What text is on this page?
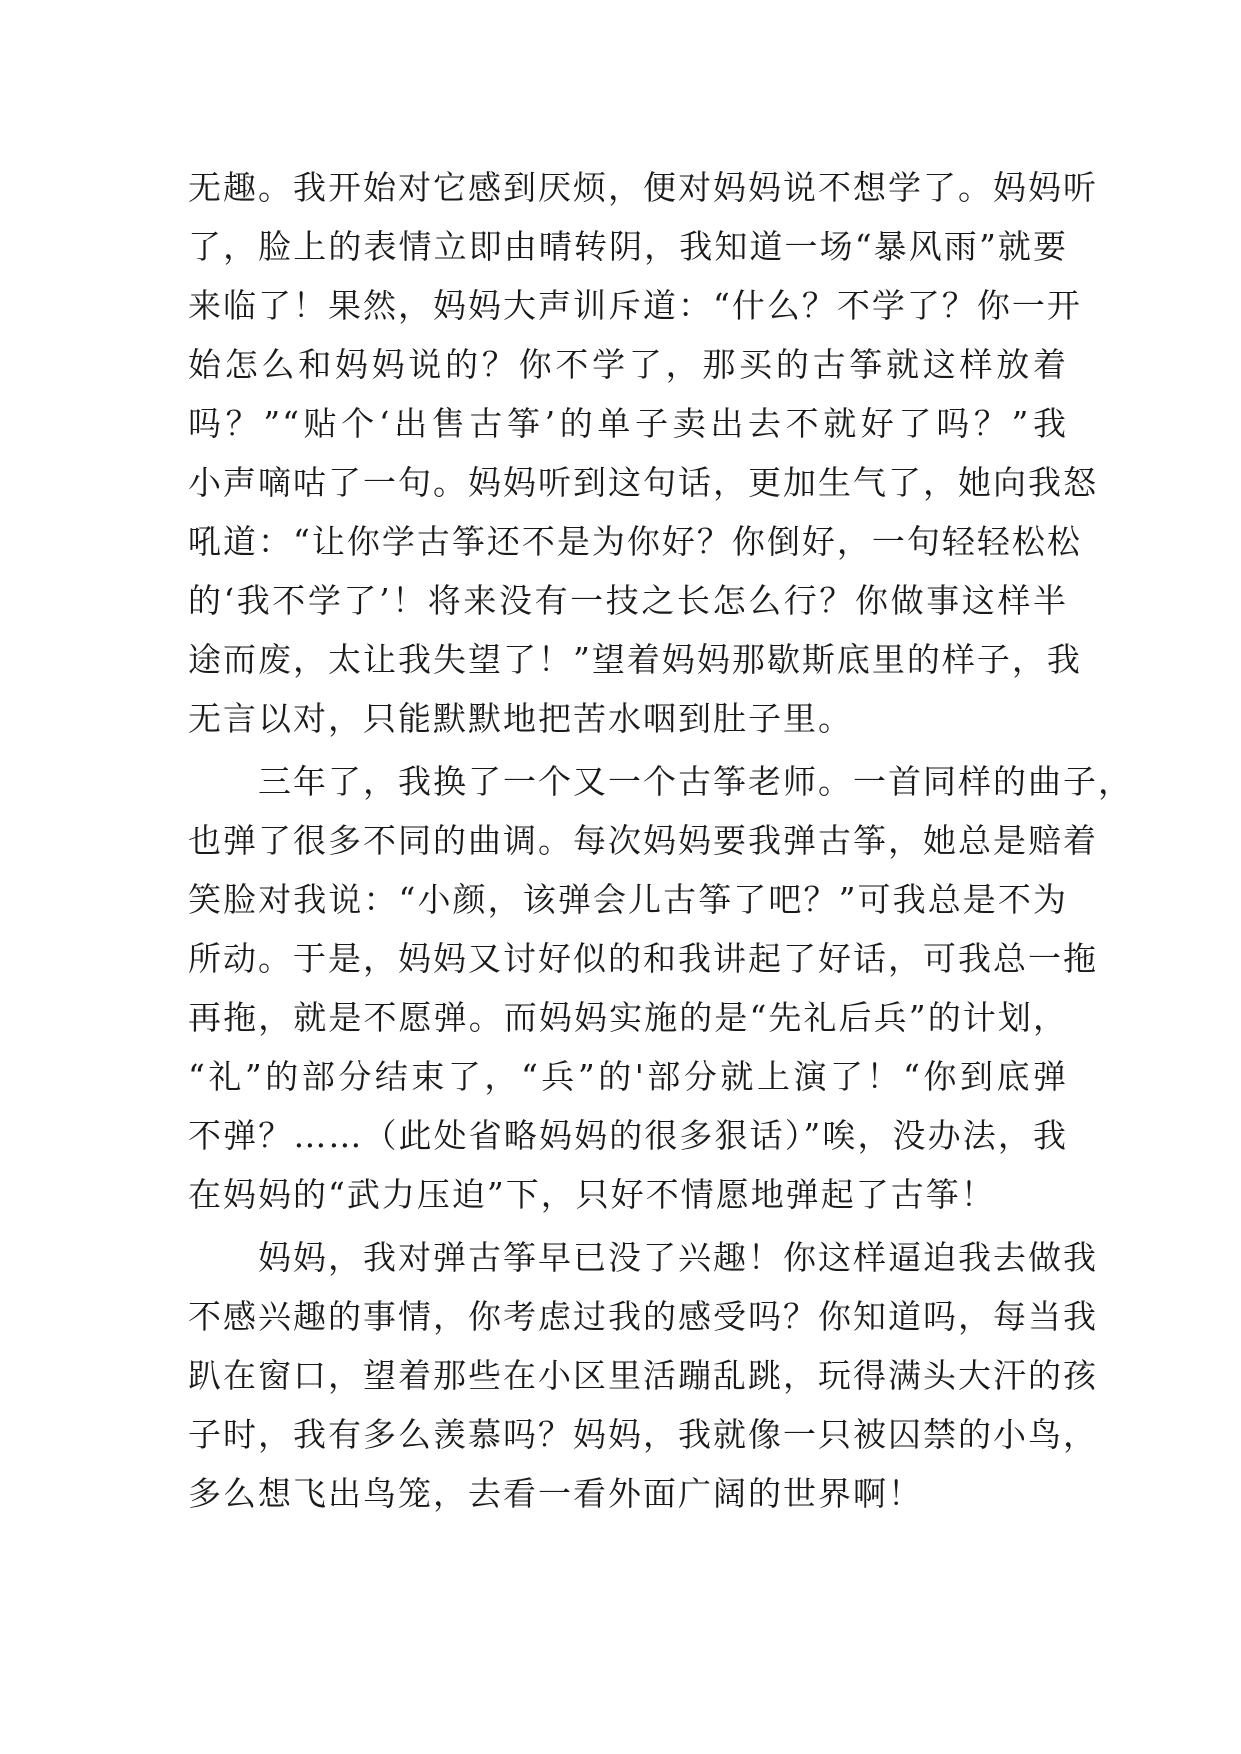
无趣。我开始对它感到厌烦，便对妈妈说不想学了。妈妈听
了，脸上的表情立即由晴转阴，我知道一场“暴风雨”就要
来临了！果然，妈妈大声训斥道：“什么？不学了？你一开
始怎么和妈妈说的？你不学了，那买的古筝就这样放着
吗？”“贴个‘出售古筝’的单子卖出去不就好了吗？”我
小声嘀咕了一句。妈妈听到这句话，更加生气了，她向我怒
吼道：“让你学古筝还不是为你好？你倒好，一句轻轻松松
的‘我不学了’！将来没有一技之长怎么行？你做事这样半
途而废，太让我失望了！”望着妈妈那歇斯底里的样子，我
无言以对，只能默默地把苦水咽到肚子里。
三年了，我换了一个又一个古筝老师。一首同样的曲子，
也弹了很多不同的曲调。每次妈妈要我弹古筝，她总是赔着
笑脸对我说：“小颜，该弹会儿古筝了吧？”可我总是不为
所动。于是，妈妈又讨好似的和我讲起了好话，可我总一拖
再拖，就是不愿弹。而妈妈实施的是“先礼后兵”的计划，
“礼”的部分结束了，“兵”的'部分就上演了！“你到底弹
不弹？……（此处省略妈妈的很多狠话）”唉，没办法，我
在妈妈的“武力压迫”下，只好不情愿地弹起了古筝！
妈妈，我对弹古筝早已没了兴趣！你这样逼迫我去做我
不感兴趣的事情，你考虑过我的感受吗？你知道吗，每当我
趴在窗口，望着那些在小区里活蹦乱跳，玩得满头大汗的孩
子时，我有多么羡慕吗？妈妈，我就像一只被囚禁的小鸟，
多么想飞出鸟笼，去看一看外面广阔的世界啊！
